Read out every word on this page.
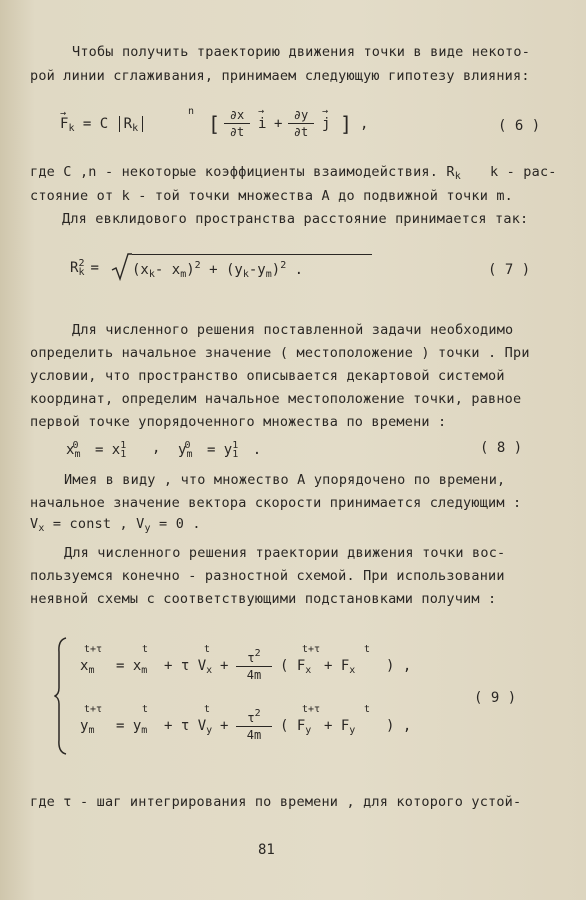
Чтобы получить траекторию движения точки в виде некото-
рой линии сглаживания, принимаем следующую гипотезу влияния:
→
$F_k = C$ $R_k$
n
[ ∂x
∂t
→
i +
∂y
∂t
→
j ] ,	( 6 )
где C ,n - некоторые коэффициенты взаимодействия. $R_k$ k - рас-
стояние от k - той точки множества A до подвижной точки m.
Для евклидового пространства расстояние принимается так:
$R_k^2 = (x_k-$ $x_m)^2 + (y_k-y_m)^2$ .	( 7 )
Для численного решения поставленной задачи необходимо
определить начальное значение ( местоположение ) точки . При
условии, что пространство описывается декартовой системой
координат, определим начальное местоположение точки, равное
первой точке упорядоченного множества по времени :
$x_m^0 = x_1^1$	, $y_m^0 = y_1^1$ .	( 8 )
Имея в виду , что множество A упорядочено по времени,
начальное значение вектора скорости принимается следующим :
$V_x$ = const , $V_y = 0$ .
Для численного решения траектории движения точки вос-
пользуемся конечно - разностной схемой. При использовании
неявной схемы с соответствующими подстановками получим :
$x_m$
t+τ
= $x_m$
t
+ τ $V_x$
t
+	$\tau^2$
4m
( $F_x$
t+τ
+ $F_x$
t
) ,
$y_m$
t+τ
= $y_m$
t
+ τ $V_y$
t
+	$\tau^2$
4m
( $F_y$
t+τ
+ $F_y$
t
) ,
( 9 )
где τ - шаг интегрирования по времени , для которого устой-
81
